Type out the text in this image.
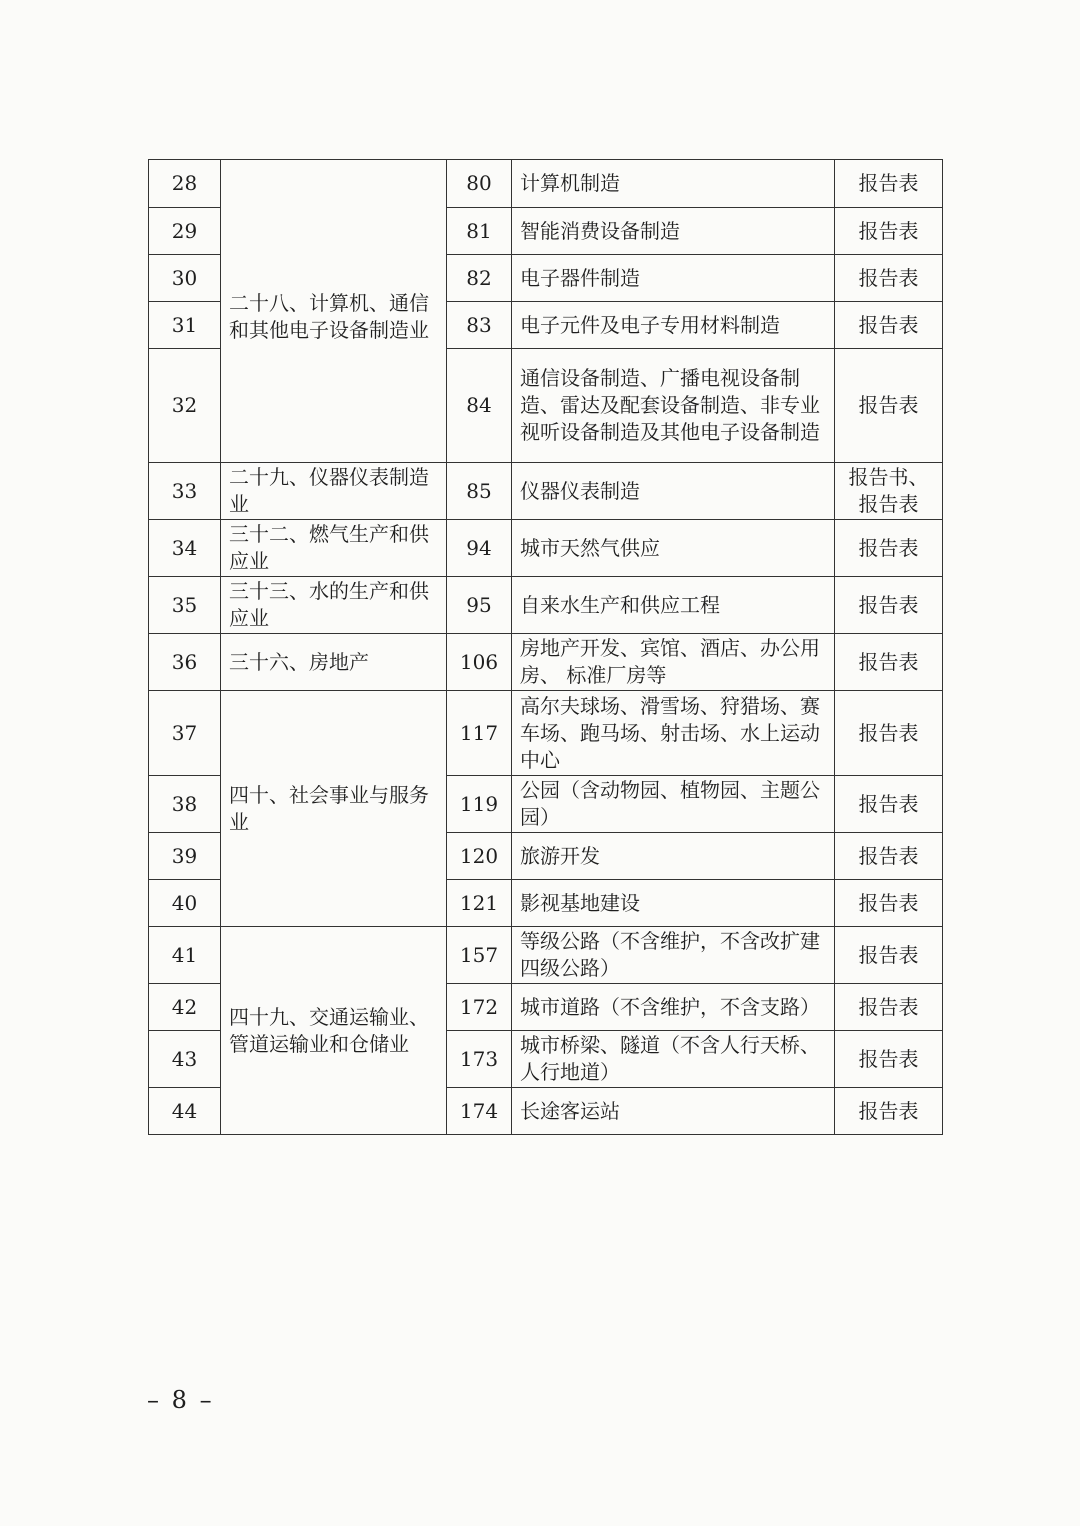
28	二十八、计算机、通信和其他电子设备制造业	80	计算机制造	报告表
29		81	智能消费设备制造	报告表
30		82	电子器件制造	报告表
31		83	电子元件及电子专用材料制造	报告表
32		84	通信设备制造、广播电视设备制造、雷达及配套设备制造、非专业视听设备制造及其他电子设备制造	报告表
33	二十九、仪器仪表制造业	85	仪器仪表制造	报告书、报告表
34	三十二、燃气生产和供应业	94	城市天然气供应	报告表
35	三十三、水的生产和供应业	95	自来水生产和供应工程	报告表
36	三十六、房地产	106	房地产开发、宾馆、酒店、办公用房、 标准厂房等	报告表
37	四十、社会事业与服务业	117	高尔夫球场、滑雪场、狩猎场、赛车场、跑马场、射击场、水上运动中心	报告表
38		119	公园（含动物园、植物园、主题公园）	报告表
39		120	旅游开发	报告表
40		121	影视基地建设	报告表
41	四十九、交通运输业、管道运输业和仓储业	157	等级公路（不含维护，不含改扩建四级公路）	报告表
42		172	城市道路（不含维护，不含支路）	报告表
43		173	城市桥梁、隧道（不含人行天桥、人行地道）	报告表
44		174	长途客运站	报告表
– 8 –
